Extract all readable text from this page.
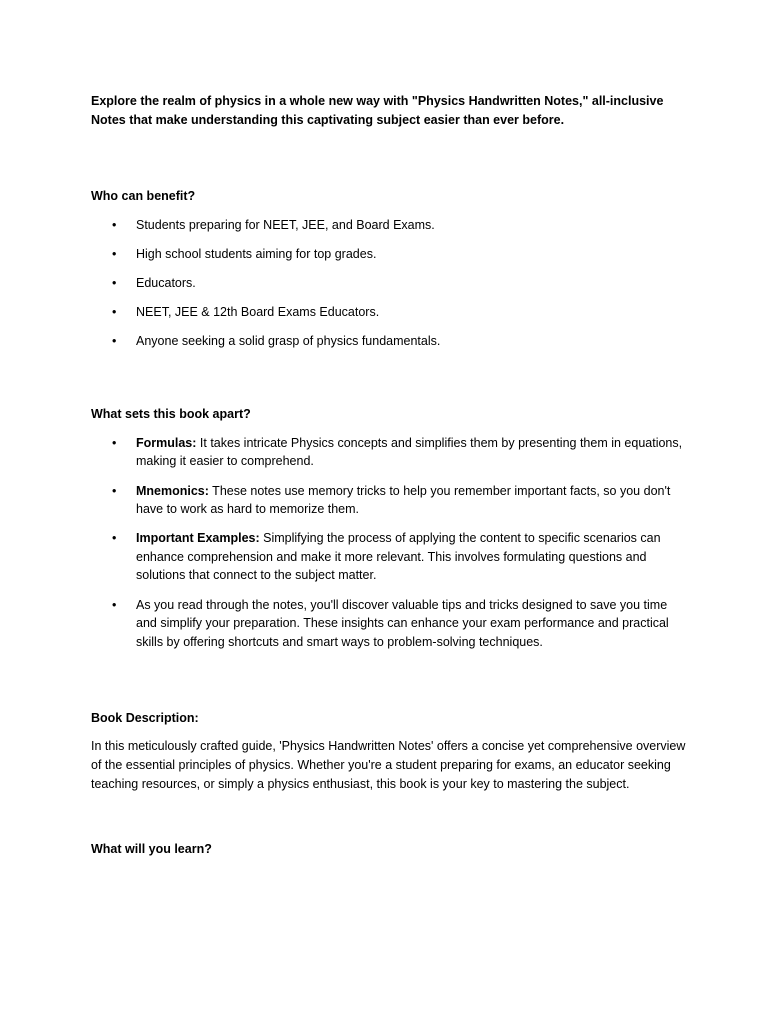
Explore the realm of physics in a whole new way with "Physics Handwritten Notes," all-inclusive Notes that make understanding this captivating subject easier than ever before.

Who can benefit?

• Students preparing for NEET, JEE, and Board Exams.
• High school students aiming for top grades.
• Educators.
• NEET, JEE & 12th Board Exams Educators.
• Anyone seeking a solid grasp of physics fundamentals.

What sets this book apart?

• Formulas: It takes intricate Physics concepts and simplifies them by presenting them in equations, making it easier to comprehend.
• Mnemonics: These notes use memory tricks to help you remember important facts, so you don't have to work as hard to memorize them.
• Important Examples: Simplifying the process of applying the content to specific scenarios can enhance comprehension and make it more relevant. This involves formulating questions and solutions that connect to the subject matter.
• As you read through the notes, you'll discover valuable tips and tricks designed to save you time and simplify your preparation. These insights can enhance your exam performance and practical skills by offering shortcuts and smart ways to problem-solving techniques.

Book Description:

In this meticulously crafted guide, 'Physics Handwritten Notes' offers a concise yet comprehensive overview of the essential principles of physics. Whether you're a student preparing for exams, an educator seeking teaching resources, or simply a physics enthusiast, this book is your key to mastering the subject.

What will you learn?
